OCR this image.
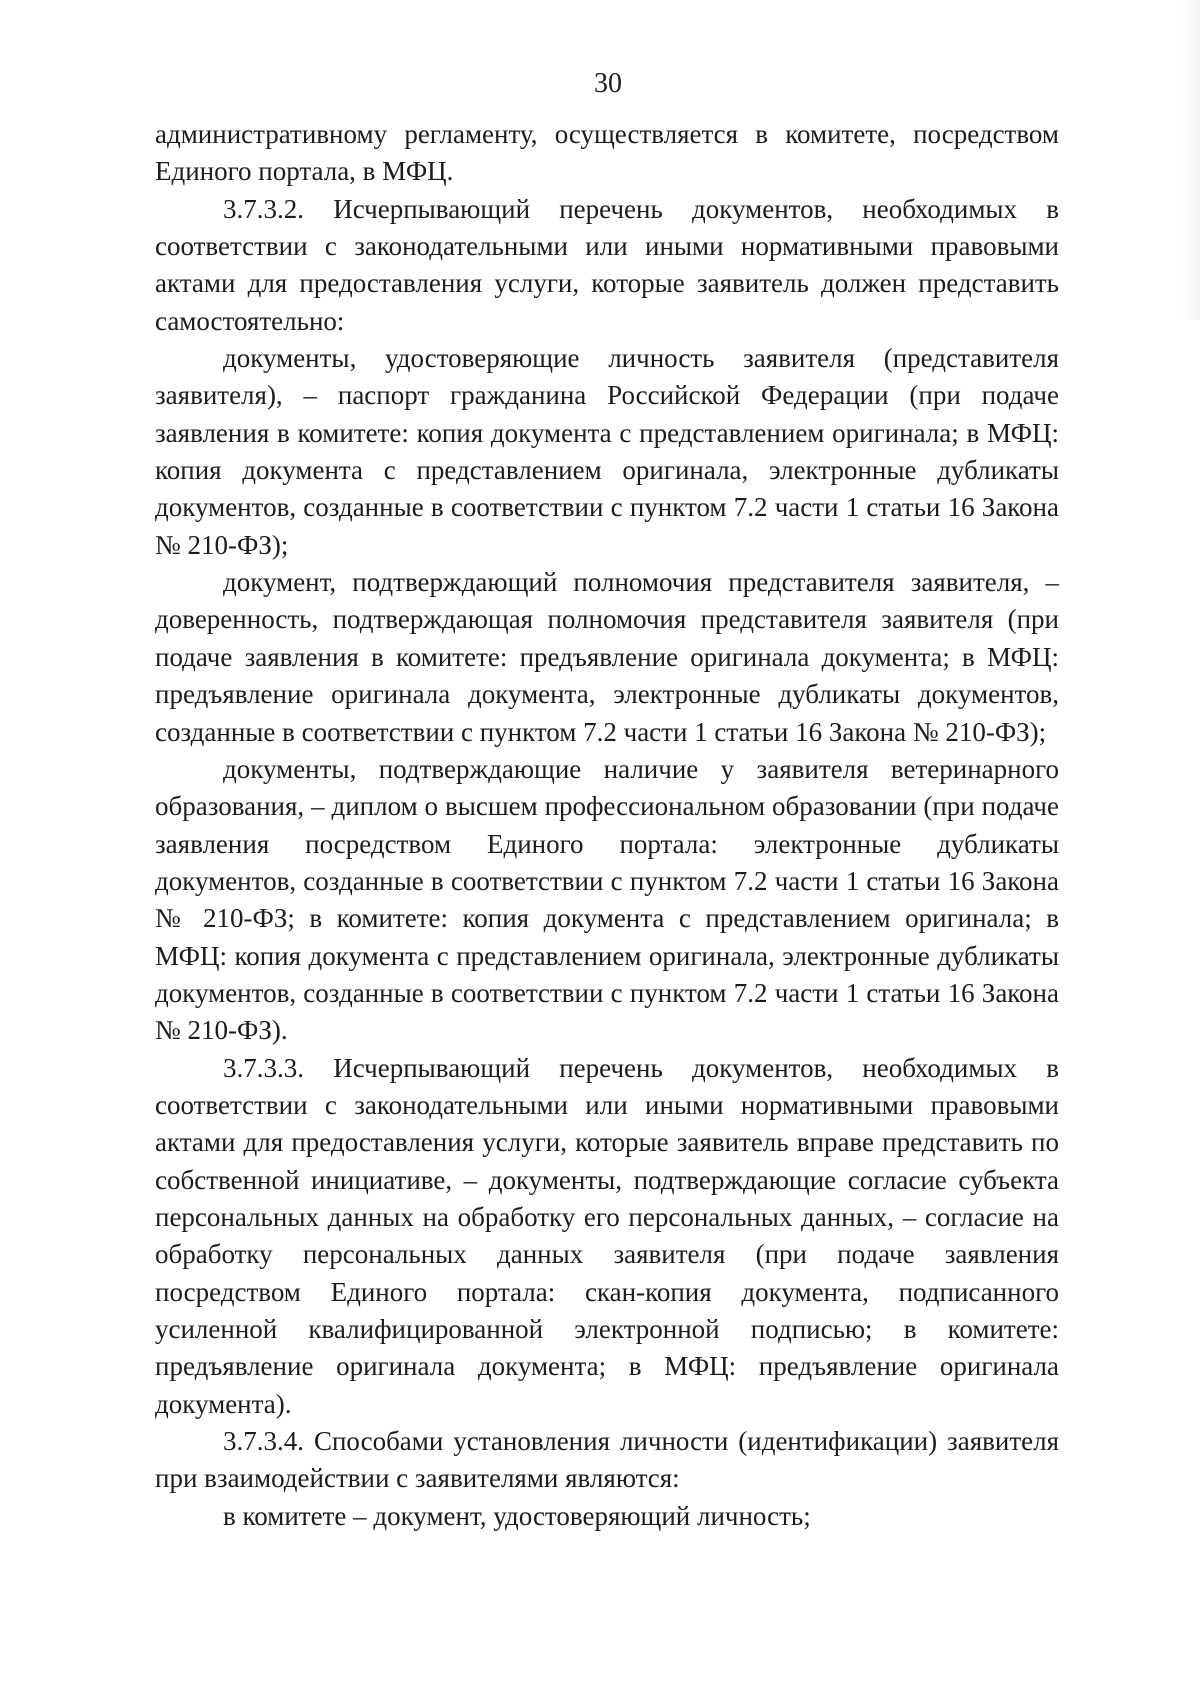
30

административному регламенту, осуществляется в комитете, посредством Единого портала, в МФЦ.

3.7.3.2. Исчерпывающий перечень документов, необходимых в соответствии с законодательными или иными нормативными правовыми актами для предоставления услуги, которые заявитель должен представить самостоятельно:

документы, удостоверяющие личность заявителя (представителя заявителя), – паспорт гражданина Российской Федерации (при подаче заявления в комитете: копия документа с представлением оригинала; в МФЦ: копия документа с представлением оригинала, электронные дубликаты документов, созданные в соответствии с пунктом 7.2 части 1 статьи 16 Закона № 210-ФЗ);

документ, подтверждающий полномочия представителя заявителя, – доверенность, подтверждающая полномочия представителя заявителя (при подаче заявления в комитете: предъявление оригинала документа; в МФЦ: предъявление оригинала документа, электронные дубликаты документов, созданные в соответствии с пунктом 7.2 части 1 статьи 16 Закона № 210-ФЗ);

документы, подтверждающие наличие у заявителя ветеринарного образования, – диплом о высшем профессиональном образовании (при подаче заявления посредством Единого портала: электронные дубликаты документов, созданные в соответствии с пунктом 7.2 части 1 статьи 16 Закона № 210-ФЗ; в комитете: копия документа с представлением оригинала; в МФЦ: копия документа с представлением оригинала, электронные дубликаты документов, созданные в соответствии с пунктом 7.2 части 1 статьи 16 Закона № 210-ФЗ).

3.7.3.3. Исчерпывающий перечень документов, необходимых в соответствии с законодательными или иными нормативными правовыми актами для предоставления услуги, которые заявитель вправе представить по собственной инициативе, – документы, подтверждающие согласие субъекта персональных данных на обработку его персональных данных, – согласие на обработку персональных данных заявителя (при подаче заявления посредством Единого портала: скан-копия документа, подписанного усиленной квалифицированной электронной подписью; в комитете: предъявление оригинала документа; в МФЦ: предъявление оригинала документа).

3.7.3.4. Способами установления личности (идентификации) заявителя при взаимодействии с заявителями являются:

в комитете – документ, удостоверяющий личность;
